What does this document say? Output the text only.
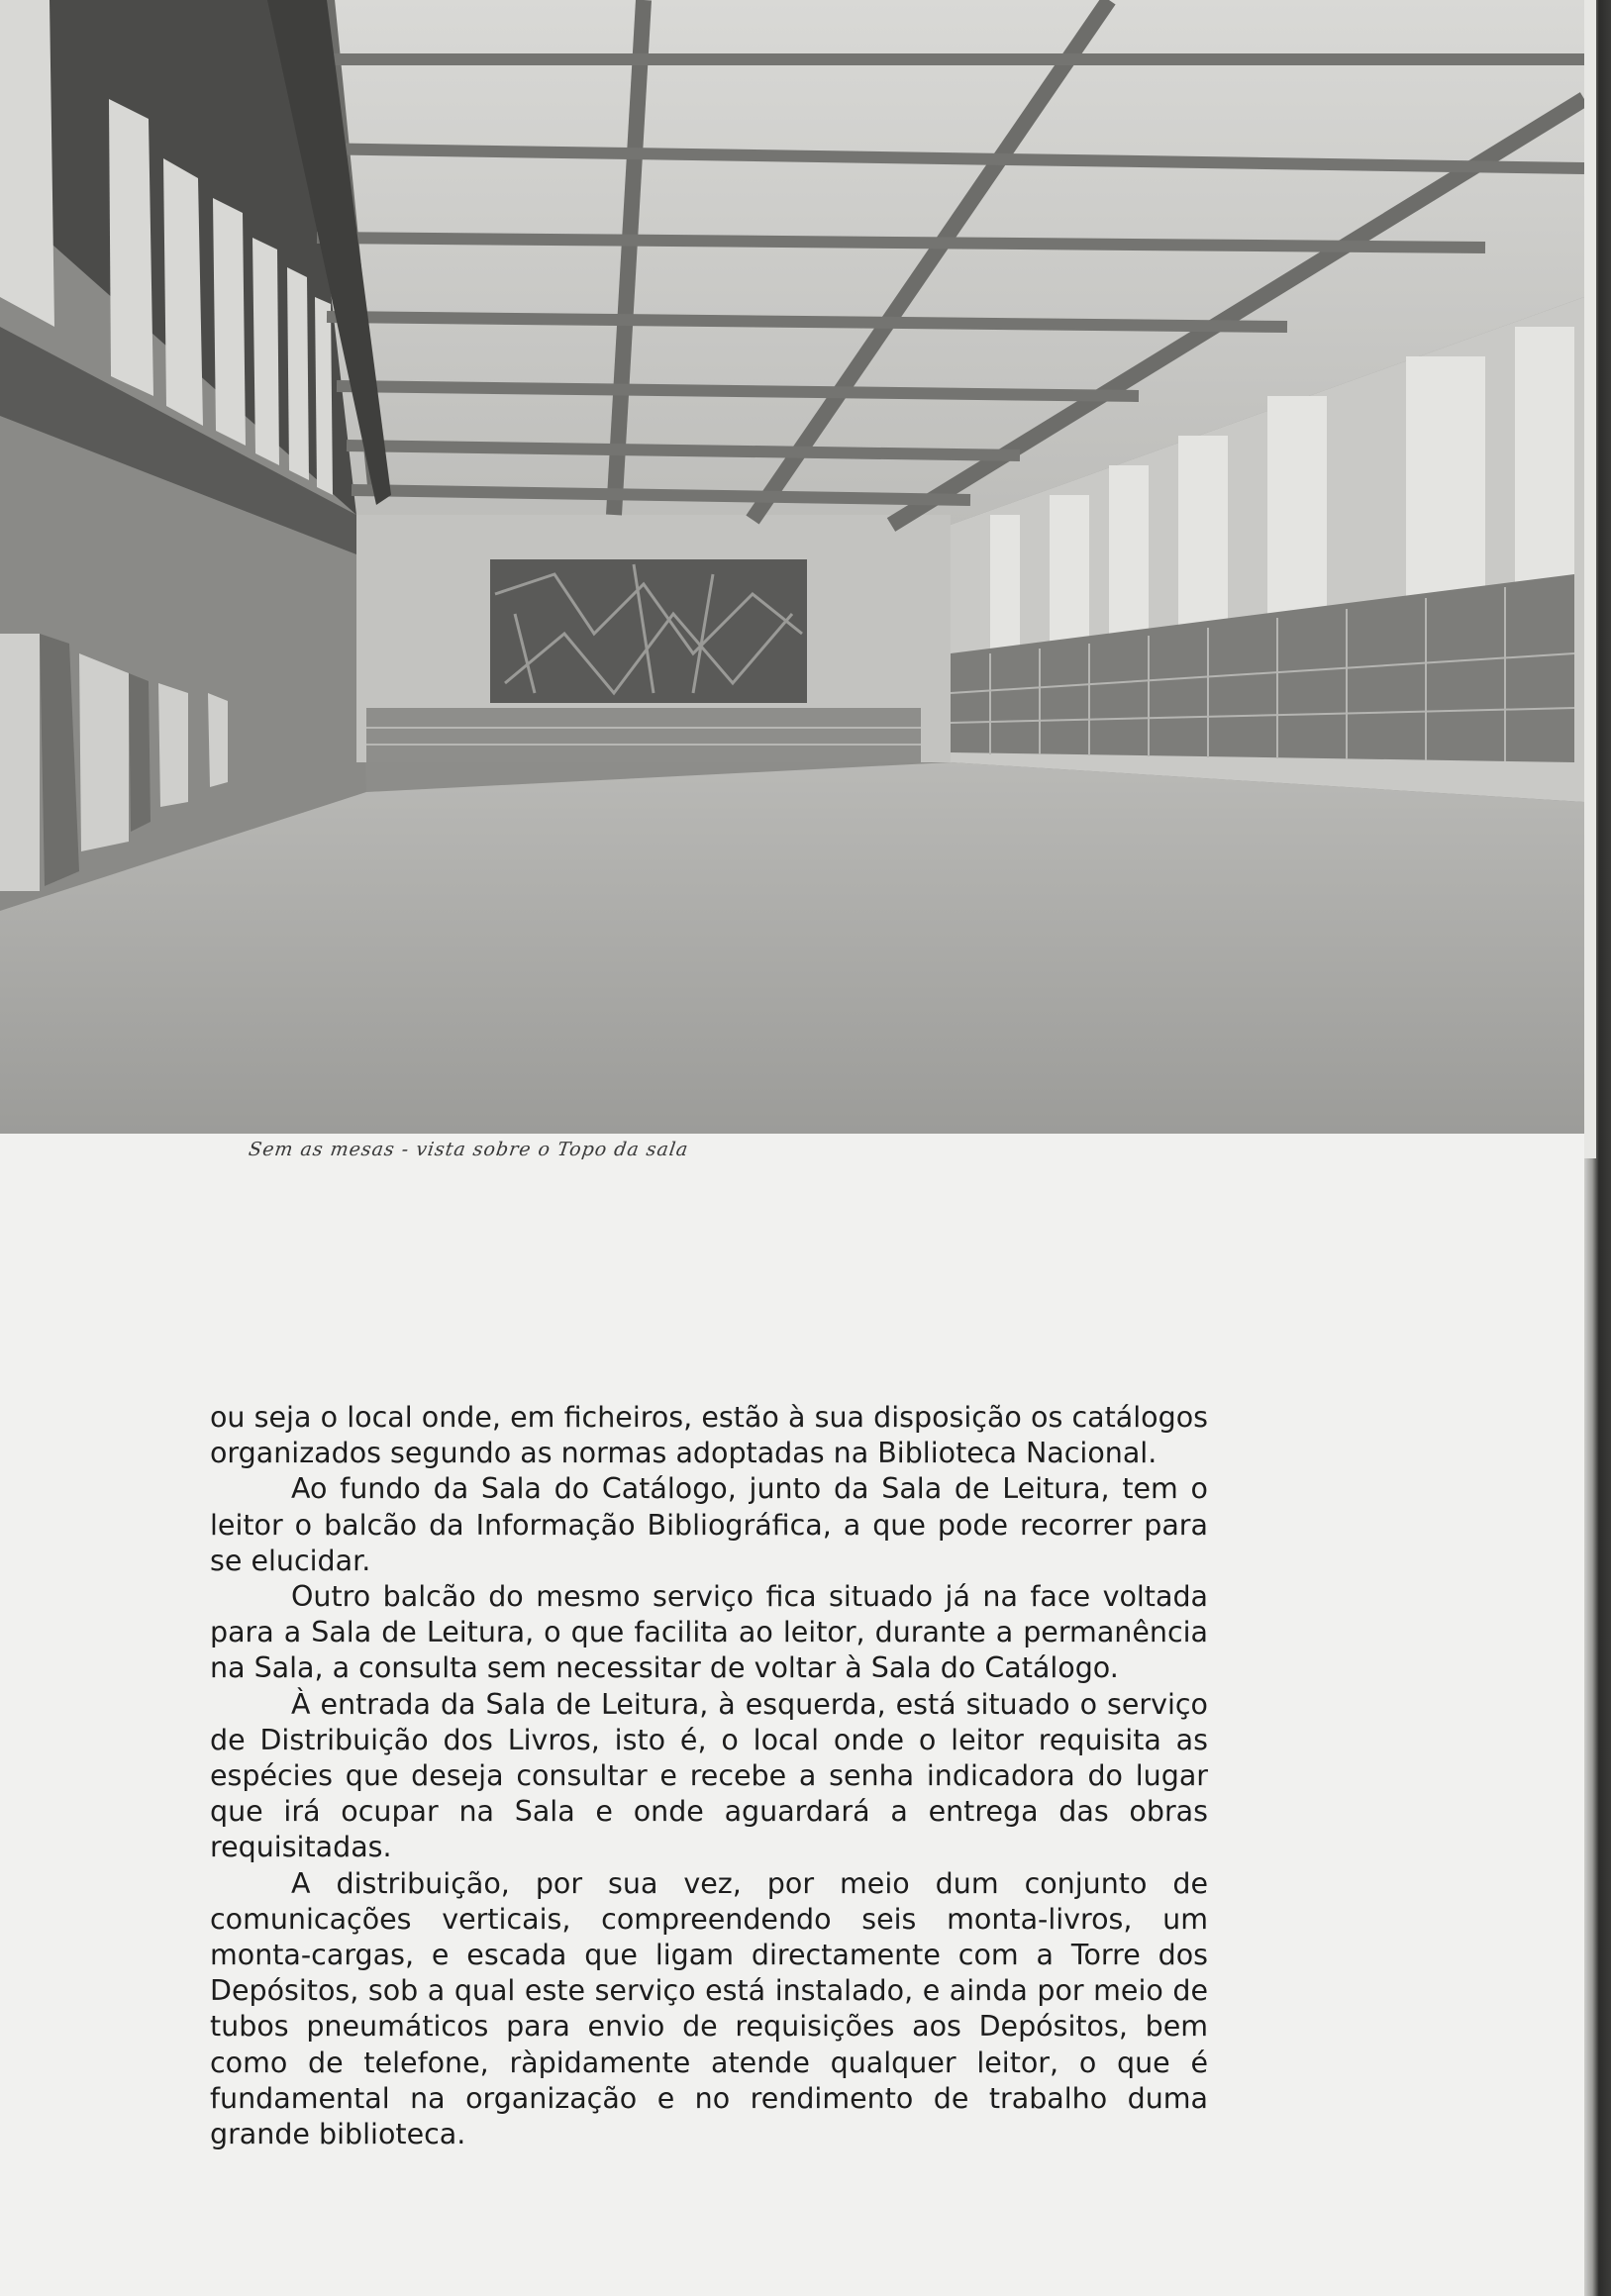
Sem as mesas - vista sobre o Topo da sala

ou seja o local onde, em ficheiros, estão à sua disposição os catálogos organizados segundo as normas adoptadas na Biblioteca Nacional.

Ao fundo da Sala do Catálogo, junto da Sala de Leitura, tem o leitor o balcão da Informação Bibliográfica, a que pode recorrer para se elucidar.

Outro balcão do mesmo serviço fica situado já na face voltada para a Sala de Leitura, o que facilita ao leitor, durante a permanência na Sala, a consulta sem necessitar de voltar à Sala do Catálogo.

À entrada da Sala de Leitura, à esquerda, está situado o serviço de Distribuição dos Livros, isto é, o local onde o leitor requisita as espécies que deseja consultar e recebe a senha indicadora do lugar que irá ocupar na Sala e onde aguardará a entrega das obras requisitadas.

A distribuição, por sua vez, por meio dum conjunto de comunicações verticais, compreendendo seis monta-livros, um monta-cargas, e escada que ligam directamente com a Torre dos Depósitos, sob a qual este serviço está instalado, e ainda por meio de tubos pneumáticos para envio de requisições aos Depósitos, bem como de telefone, ràpidamente atende qualquer leitor, o que é fundamental na organização e no rendimento de trabalho duma grande biblioteca.
